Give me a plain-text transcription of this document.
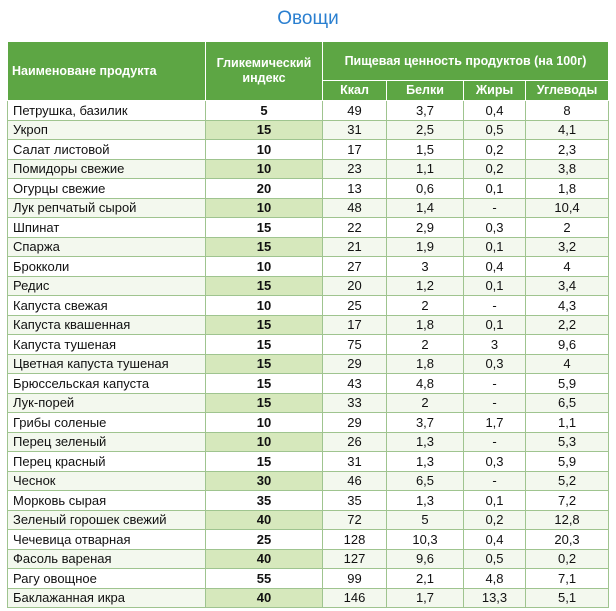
Овощи
Наименоване продукта	Гликемический индекс	Пищевая ценность продуктов (на 100г)			
		Ккал	Белки	Жиры	Углеводы
Петрушка, базилик	5	49	3,7	0,4	8
Укроп	15	31	2,5	0,5	4,1
Салат листовой	10	17	1,5	0,2	2,3
Помидоры свежие	10	23	1,1	0,2	3,8
Огурцы свежие	20	13	0,6	0,1	1,8
Лук репчатый сырой	10	48	1,4	-	10,4
Шпинат	15	22	2,9	0,3	2
Спаржа	15	21	1,9	0,1	3,2
Брокколи	10	27	3	0,4	4
Редис	15	20	1,2	0,1	3,4
Капуста свежая	10	25	2	-	4,3
Капуста квашенная	15	17	1,8	0,1	2,2
Капуста тушеная	15	75	2	3	9,6
Цветная капуста тушеная	15	29	1,8	0,3	4
Брюссельская капуста	15	43	4,8	-	5,9
Лук-порей	15	33	2	-	6,5
Грибы соленые	10	29	3,7	1,7	1,1
Перец зеленый	10	26	1,3	-	5,3
Перец красный	15	31	1,3	0,3	5,9
Чеснок	30	46	6,5	-	5,2
Морковь сырая	35	35	1,3	0,1	7,2
Зеленый горошек свежий	40	72	5	0,2	12,8
Чечевица отварная	25	128	10,3	0,4	20,3
Фасоль вареная	40	127	9,6	0,5	0,2
Рагу овощное	55	99	2,1	4,8	7,1
Баклажанная икра	40	146	1,7	13,3	5,1
